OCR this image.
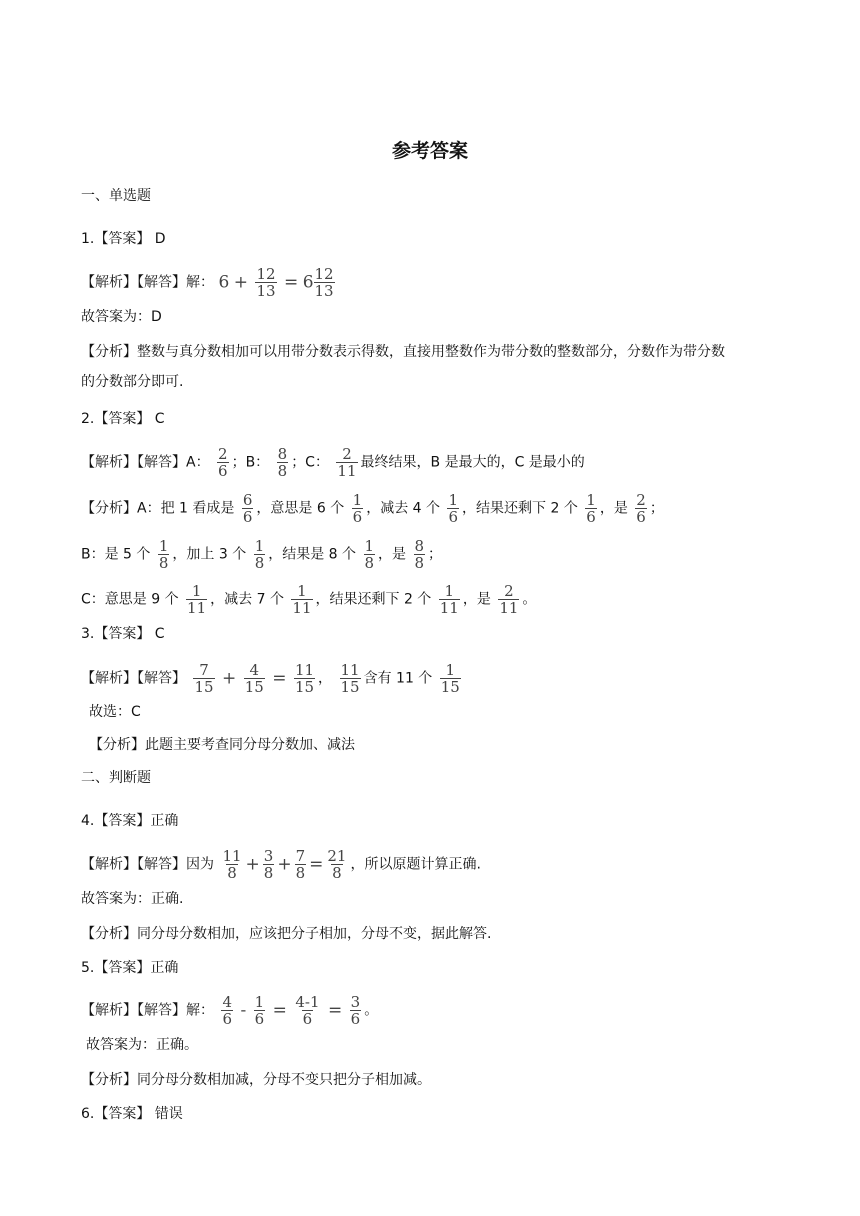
参考答案
一、单选题
1.【答案】 D
【解析】【解答】解： $6 + \frac{12}{13} = 6 \frac{12}{13}$
故答案为：D
【分析】整数与真分数相加可以用带分数表示得数，直接用整数作为带分数的整数部分，分数作为带分数
的分数部分即可.
2.【答案】 C
【解析】【解答】A： $\frac{2}{6}$ ；B： $\frac{8}{8}$ ；C： $\frac{2}{11}$ 最终结果，B 是最大的，C 是最小的
【分析】A：把 1 看成是 $\frac{6}{6}$ ，意思是 6 个 $\frac{1}{6}$ ，减去 4 个 $\frac{1}{6}$ ，结果还剩下 2 个 $\frac{1}{6}$ ，是 $\frac{2}{6}$ ；
B：是 5 个 $\frac{1}{8}$ ，加上 3 个 $\frac{1}{8}$ ，结果是 8 个 $\frac{1}{8}$ ，是 $\frac{8}{8}$ ；
C：意思是 9 个 $\frac{1}{11}$ ，减去 7 个 $\frac{1}{11}$ ，结果还剩下 2 个 $\frac{1}{11}$ ，是 $\frac{2}{11}$ 。
3.【答案】 C
【解析】【解答】 $\frac{7}{15} + \frac{4}{15} = \frac{11}{15}$ ， $\frac{11}{15}$ 含有 11 个 $\frac{1}{15}$
故选：C
【分析】此题主要考查同分母分数加、减法
二、判断题
4.【答案】正确
【解析】【解答】因为 $\frac{11}{8} + \frac{3}{8} + \frac{7}{8} = \frac{21}{8}$ ，所以原题计算正确.
故答案为：正确.
【分析】同分母分数相加，应该把分子相加，分母不变，据此解答.
5.【答案】正确
【解析】【解答】解： $\frac{4}{6} - \frac{1}{6} = \frac{4-1}{6} = \frac{3}{6}$ 。
故答案为：正确。
【分析】同分母分数相加减，分母不变只把分子相加减。
6.【答案】 错误
